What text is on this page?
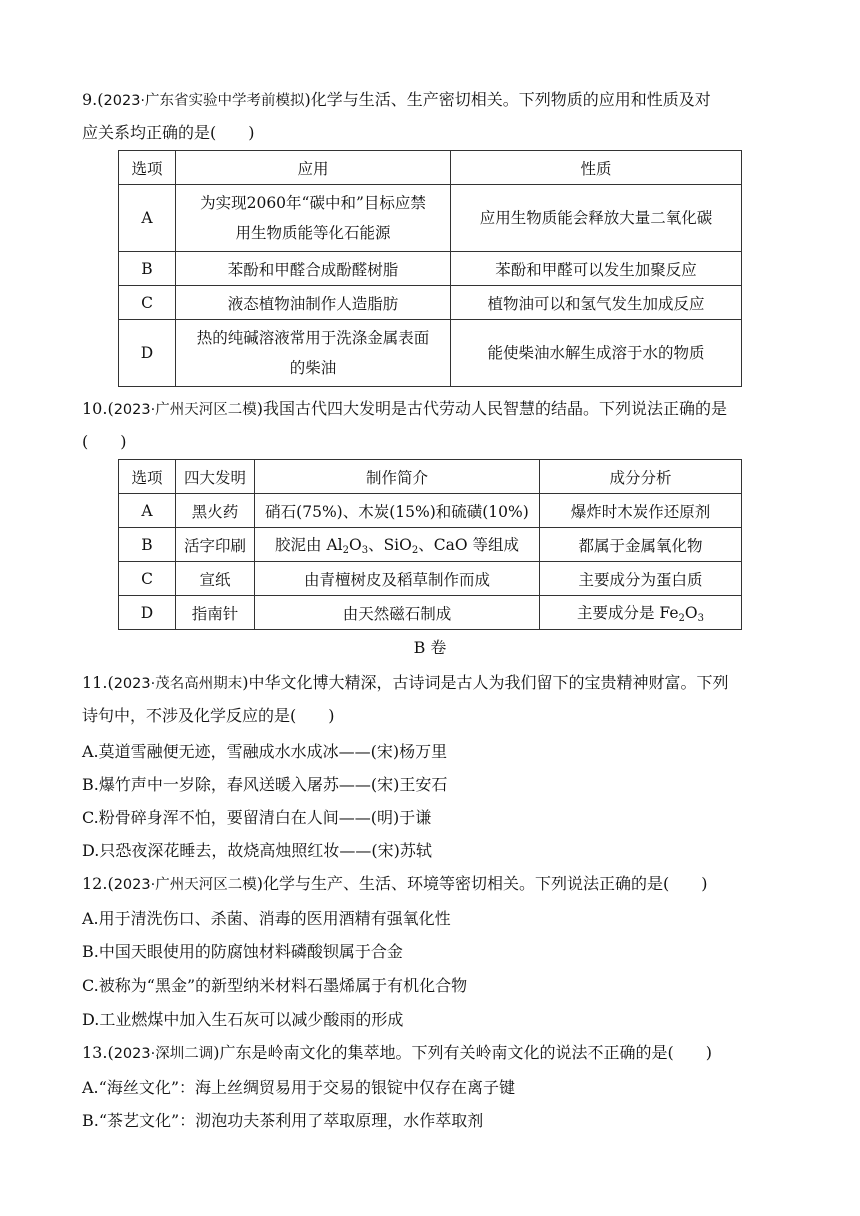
9.(2023·广东省实验中学考前模拟)化学与生活、生产密切相关。下列物质的应用和性质及对

应关系均正确的是(　　)

选项	应用	性质
A	为实现2060年“碳中和”目标应禁用生物质能等化石能源	应用生物质能会释放大量二氧化碳
B	苯酚和甲醛合成酚醛树脂	苯酚和甲醛可以发生加聚反应
C	液态植物油制作人造脂肪	植物油可以和氢气发生加成反应
D	热的纯碱溶液常用于洗涤金属表面的柴油	能使柴油水解生成溶于水的物质

10.(2023·广州天河区二模)我国古代四大发明是古代劳动人民智慧的结晶。下列说法正确的是

(　　)

选项	四大发明	制作简介	成分分析
A	黑火药	硝石(75%)、木炭(15%)和硫磺(10%)	爆炸时木炭作还原剂
B	活字印刷	胶泥由 $Al_2O_3$、SiO$_2$、CaO 等组成	都属于金属氧化物
C	宣纸	由青檀树皮及稻草制作而成	主要成分为蛋白质
D	指南针	由天然磁石制成	主要成分是 $Fe_2O_3$
B 卷

11.(2023·茂名高州期末)中华文化博大精深，古诗词是古人为我们留下的宝贵精神财富。下列

诗句中，不涉及化学反应的是(　　)

A.莫道雪融便无迹，雪融成水水成冰——(宋)杨万里
B.爆竹声中一岁除，春风送暖入屠苏——(宋)王安石
C.粉骨碎身浑不怕，要留清白在人间——(明)于谦
D.只恐夜深花睡去，故烧高烛照红妆——(宋)苏轼

12.(2023·广州天河区二模)化学与生产、生活、环境等密切相关。下列说法正确的是(　　)

A.用于清洗伤口、杀菌、消毒的医用酒精有强氧化性
B.中国天眼使用的防腐蚀材料磷酸钡属于合金
C.被称为“黑金”的新型纳米材料石墨烯属于有机化合物
D.工业燃煤中加入生石灰可以减少酸雨的形成

13.(2023·深圳二调)广东是岭南文化的集萃地。下列有关岭南文化的说法不正确的是(　　)

A.“海丝文化”：海上丝绸贸易用于交易的银锭中仅存在离子键
B.“茶艺文化”：沏泡功夫茶利用了萃取原理，水作萃取剂
